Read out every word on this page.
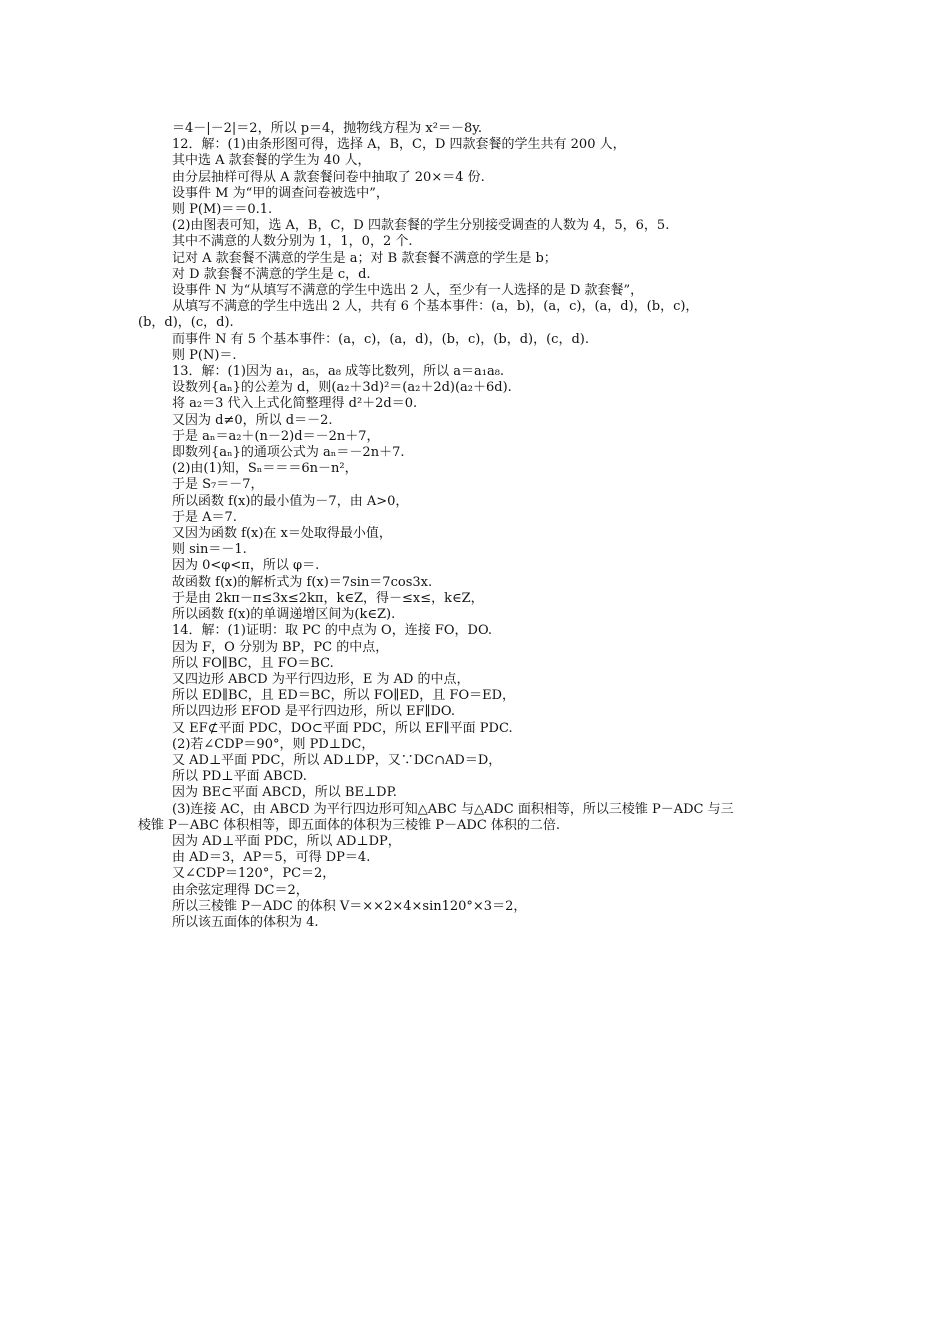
＝4－|－2|＝2，所以 p＝4，抛物线方程为 x²＝－8y.
12．解：(1)由条形图可得，选择 A，B，C，D 四款套餐的学生共有 200 人，
其中选 A 款套餐的学生为 40 人，
由分层抽样可得从 A 款套餐问卷中抽取了 20×＝4 份.
设事件 M 为“甲的调查问卷被选中”，
则 P(M)＝＝0.1.
(2)由图表可知，选 A，B，C，D 四款套餐的学生分别接受调查的人数为 4，5，6，5.
其中不满意的人数分别为 1，1，0，2 个.
记对 A 款套餐不满意的学生是 a；对 B 款套餐不满意的学生是 b；
对 D 款套餐不满意的学生是 c，d.
设事件 N 为“从填写不满意的学生中选出 2 人，至少有一人选择的是 D 款套餐”，
从填写不满意的学生中选出 2 人，共有 6 个基本事件：(a，b)，(a，c)，(a，d)，(b，c)，
(b，d)，(c，d).
而事件 N 有 5 个基本事件：(a，c)，(a，d)，(b，c)，(b，d)，(c，d).
则 P(N)＝.
13．解：(1)因为 a₁，a₅，a₈ 成等比数列，所以 a＝a₁a₈.
设数列{aₙ}的公差为 d，则(a₂＋3d)²＝(a₂＋2d)(a₂＋6d).
将 a₂＝3 代入上式化简整理得 d²＋2d＝0.
又因为 d≠0，所以 d＝－2.
于是 aₙ＝a₂＋(n－2)d＝－2n＋7，
即数列{aₙ}的通项公式为 aₙ＝－2n＋7.
(2)由(1)知，Sₙ＝＝＝6n－n²，
于是 S₇＝－7，
所以函数 f(x)的最小值为－7，由 A>0，
于是 A＝7.
又因为函数 f(x)在 x＝处取得最小值，
则 sin＝－1.
因为 0<φ<π，所以 φ＝.
故函数 f(x)的解析式为 f(x)＝7sin＝7cos3x.
于是由 2kπ－π≤3x≤2kπ，k∈Z，得－≤x≤，k∈Z，
所以函数 f(x)的单调递增区间为(k∈Z).
14．解：(1)证明：取 PC 的中点为 O，连接 FO，DO.
因为 F，O 分别为 BP，PC 的中点，
所以 FO∥BC，且 FO＝BC.
又四边形 ABCD 为平行四边形，E 为 AD 的中点，
所以 ED∥BC，且 ED＝BC，所以 FO∥ED，且 FO＝ED，
所以四边形 EFOD 是平行四边形，所以 EF∥DO.
又 EF⊄平面 PDC，DO⊂平面 PDC，所以 EF∥平面 PDC.
(2)若∠CDP＝90°，则 PD⊥DC，
又 AD⊥平面 PDC，所以 AD⊥DP，又∵DC∩AD＝D，
所以 PD⊥平面 ABCD.
因为 BE⊂平面 ABCD，所以 BE⊥DP.
(3)连接 AC，由 ABCD 为平行四边形可知△ABC 与△ADC 面积相等，所以三棱锥 P－ADC 与三
棱锥 P－ABC 体积相等，即五面体的体积为三棱锥 P－ADC 体积的二倍.
因为 AD⊥平面 PDC，所以 AD⊥DP，
由 AD＝3，AP＝5，可得 DP＝4.
又∠CDP＝120°，PC＝2，
由余弦定理得 DC＝2，
所以三棱锥 P－ADC 的体积 V＝××2×4×sin120°×3＝2，
所以该五面体的体积为 4.
